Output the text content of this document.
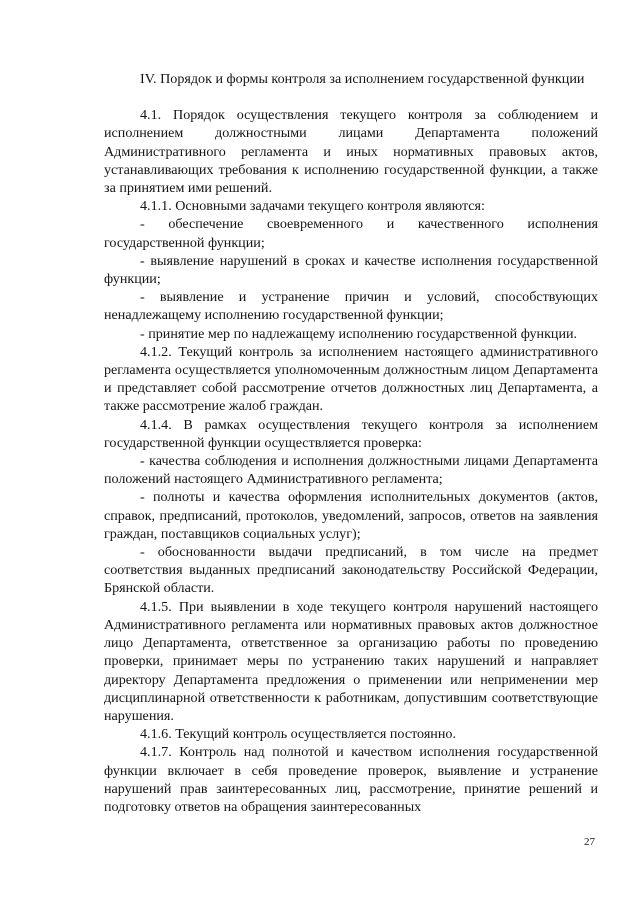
IV. Порядок и формы контроля за исполнением государственной функции

4.1. Порядок осуществления текущего контроля за соблюдением и исполнением должностными лицами Департамента положений Административного регламента и иных нормативных правовых актов, устанавливающих требования к исполнению государственной функции, а также за принятием ими решений.

4.1.1. Основными задачами текущего контроля являются:

- обеспечение своевременного и качественного исполнения государственной функции;

- выявление нарушений в сроках и качестве исполнения государственной функции;

- выявление и устранение причин и условий, способствующих ненадлежащему исполнению государственной функции;

- принятие мер по надлежащему исполнению государственной функции.

4.1.2. Текущий контроль за исполнением настоящего административного регламента осуществляется уполномоченным должностным лицом Департамента и представляет собой рассмотрение отчетов должностных лиц Департамента, а также рассмотрение жалоб граждан.

4.1.4. В рамках осуществления текущего контроля за исполнением государственной функции осуществляется проверка:

- качества соблюдения и исполнения должностными лицами Департамента положений настоящего Административного регламента;

- полноты и качества оформления исполнительных документов (актов, справок, предписаний, протоколов, уведомлений, запросов, ответов на заявления граждан, поставщиков социальных услуг);

- обоснованности выдачи предписаний, в том числе на предмет соответствия выданных предписаний законодательству Российской Федерации, Брянской области.

4.1.5. При выявлении в ходе текущего контроля нарушений настоящего Административного регламента или нормативных правовых актов должностное лицо Департамента, ответственное за организацию работы по проведению проверки, принимает меры по устранению таких нарушений и направляет директору Департамента предложения о применении или неприменении мер дисциплинарной ответственности к работникам, допустившим соответствующие нарушения.

4.1.6. Текущий контроль осуществляется постоянно.

4.1.7. Контроль над полнотой и качеством исполнения государственной функции включает в себя проведение проверок, выявление и устранение нарушений прав заинтересованных лиц, рассмотрение, принятие решений и подготовку ответов на обращения заинтересованных

27
